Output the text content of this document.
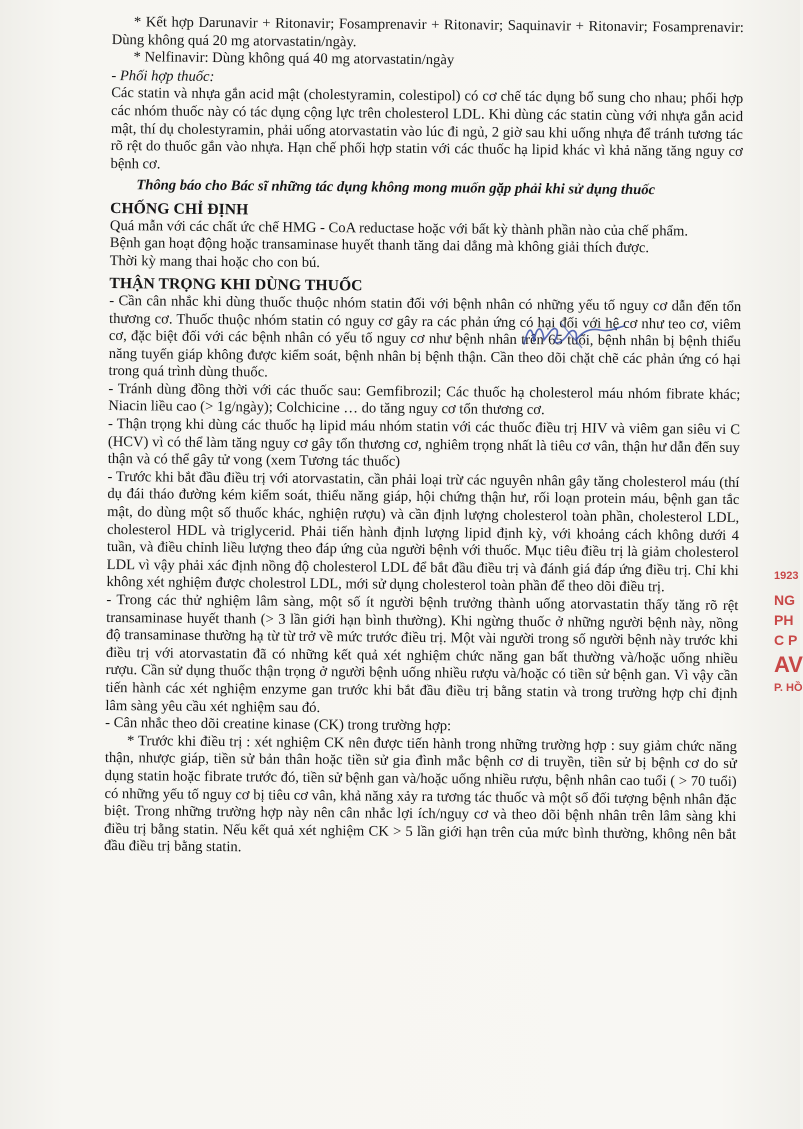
* Kết hợp Darunavir + Ritonavir; Fosamprenavir + Ritonavir; Saquinavir + Ritonavir; Fosamprenavir: Dùng không quá 20 mg atorvastatin/ngày.

* Nelfinavir: Dùng không quá 40 mg atorvastatin/ngày

- Phối hợp thuốc:

Các statin và nhựa gắn acid mật (cholestyramin, colestipol) có cơ chế tác dụng bổ sung cho nhau; phối hợp các nhóm thuốc này có tác dụng cộng lực trên cholesterol LDL. Khi dùng các statin cùng với nhựa gắn acid mật, thí dụ cholestyramin, phải uống atorvastatin vào lúc đi ngủ, 2 giờ sau khi uống nhựa để tránh tương tác rõ rệt do thuốc gắn vào nhựa. Hạn chế phối hợp statin với các thuốc hạ lipid khác vì khả năng tăng nguy cơ bệnh cơ.

Thông báo cho Bác sĩ những tác dụng không mong muốn gặp phải khi sử dụng thuốc

CHỐNG CHỈ ĐỊNH

Quá mẫn với các chất ức chế HMG - CoA reductase hoặc với bất kỳ thành phần nào của chế phẩm.

Bệnh gan hoạt động hoặc transaminase huyết thanh tăng dai dẳng mà không giải thích được.

Thời kỳ mang thai hoặc cho con bú.

THẬN TRỌNG KHI DÙNG THUỐC

- Cần cân nhắc khi dùng thuốc thuộc nhóm statin đối với bệnh nhân có những yếu tố nguy cơ dẫn đến tổn thương cơ. Thuốc thuộc nhóm statin có nguy cơ gây ra các phản ứng có hại đối với hệ cơ như teo cơ, viêm cơ, đặc biệt đối với các bệnh nhân có yếu tố nguy cơ như bệnh nhân trên 65 tuổi, bệnh nhân bị bệnh thiểu năng tuyến giáp không được kiểm soát, bệnh nhân bị bệnh thận. Cần theo dõi chặt chẽ các phản ứng có hại trong quá trình dùng thuốc.

- Tránh dùng đồng thời với các thuốc sau: Gemfibrozil; Các thuốc hạ cholesterol máu nhóm fibrate khác; Niacin liều cao (> 1g/ngày); Colchicine … do tăng nguy cơ tổn thương cơ.

- Thận trọng khi dùng các thuốc hạ lipid máu nhóm statin với các thuốc điều trị HIV và viêm gan siêu vi C (HCV) vì có thể làm tăng nguy cơ gây tổn thương cơ, nghiêm trọng nhất là tiêu cơ vân, thận hư dẫn đến suy thận và có thể gây tử vong (xem Tương tác thuốc)

- Trước khi bắt đầu điều trị với atorvastatin, cần phải loại trừ các nguyên nhân gây tăng cholesterol máu (thí dụ đái tháo đường kém kiểm soát, thiểu năng giáp, hội chứng thận hư, rối loạn protein máu, bệnh gan tắc mật, do dùng một số thuốc khác, nghiện rượu) và cần định lượng cholesterol toàn phần, cholesterol LDL, cholesterol HDL và triglycerid. Phải tiến hành định lượng lipid định kỳ, với khoảng cách không dưới 4 tuần, và điều chỉnh liều lượng theo đáp ứng của người bệnh với thuốc. Mục tiêu điều trị là giảm cholesterol LDL vì vậy phải xác định nồng độ cholesterol LDL để bắt đầu điều trị và đánh giá đáp ứng điều trị. Chỉ khi không xét nghiệm được cholestrol LDL, mới sử dụng cholesterol toàn phần để theo dõi điều trị.

- Trong các thử nghiệm lâm sàng, một số ít người bệnh trưởng thành uống atorvastatin thấy tăng rõ rệt transaminase huyết thanh (> 3 lần giới hạn bình thường). Khi ngừng thuốc ở những người bệnh này, nồng độ transaminase thường hạ từ từ trở về mức trước điều trị. Một vài người trong số người bệnh này trước khi điều trị với atorvastatin đã có những kết quả xét nghiệm chức năng gan bất thường và/hoặc uống nhiều rượu. Cần sử dụng thuốc thận trọng ở người bệnh uống nhiều rượu và/hoặc có tiền sử bệnh gan. Vì vậy cần tiến hành các xét nghiệm enzyme gan trước khi bắt đầu điều trị bằng statin và trong trường hợp chỉ định lâm sàng yêu cầu xét nghiệm sau đó.

- Cân nhắc theo dõi creatine kinase (CK) trong trường hợp:

* Trước khi điều trị : xét nghiệm CK nên được tiến hành trong những trường hợp : suy giảm chức năng thận, nhược giáp, tiền sử bản thân hoặc tiền sử gia đình mắc bệnh cơ di truyền, tiền sử bị bệnh cơ do sử dụng statin hoặc fibrate trước đó, tiền sử bệnh gan và/hoặc uống nhiều rượu, bệnh nhân cao tuổi ( > 70 tuổi) có những yếu tố nguy cơ bị tiêu cơ vân, khả năng xảy ra tương tác thuốc và một số đối tượng bệnh nhân đặc biệt. Trong những trường hợp này nên cân nhắc lợi ích/nguy cơ và theo dõi bệnh nhân trên lâm sàng khi điều trị bằng statin. Nếu kết quả xét nghiệm CK > 5 lần giới hạn trên của mức bình thường, không nên bắt đầu điều trị bằng statin.

1923
NG
PH
C P
AV
P. HỒ
